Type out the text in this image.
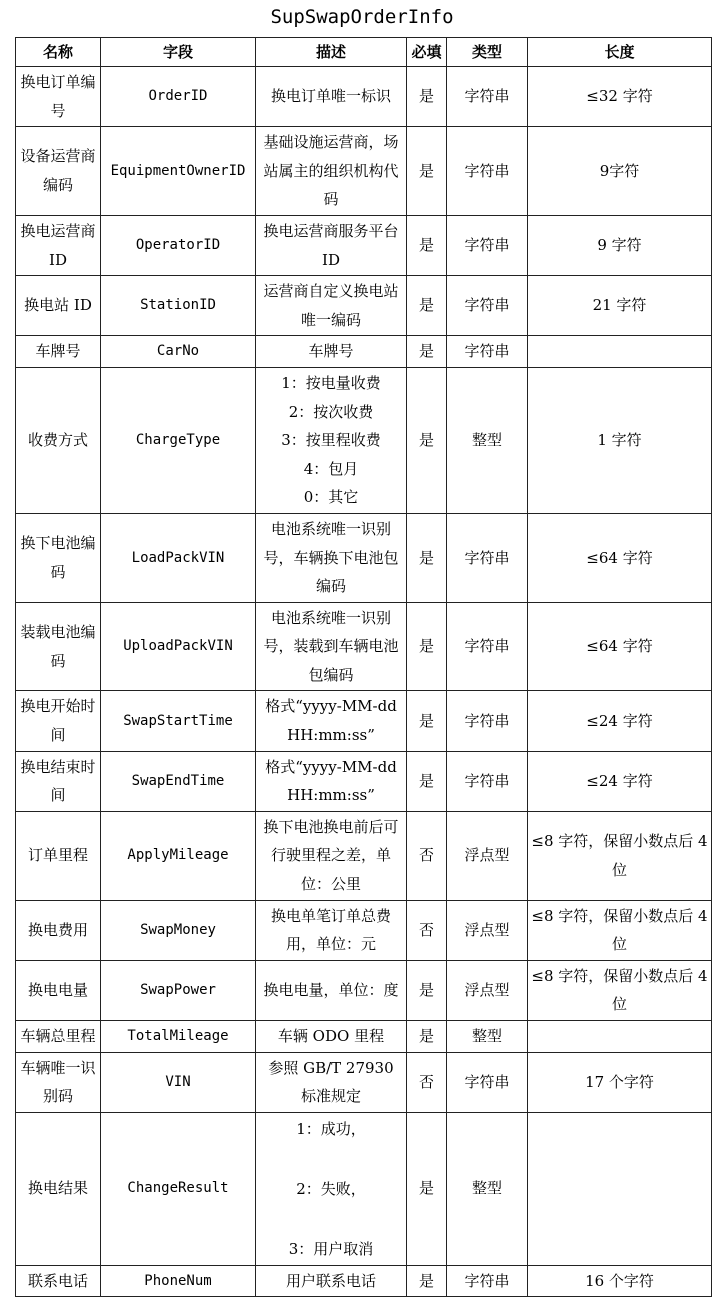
SupSwapOrderInfo
名称	字段	描述	必填	类型	长度
换电订单编号	OrderID	换电订单唯一标识	是	字符串	≤32 字符
设备运营商编码	EquipmentOwnerID	基础设施运营商，场站属主的组织机构代码	是	字符串	9字符
换电运营商 ID	OperatorID	换电运营商服务平台 ID	是	字符串	9 字符
换电站 ID	StationID	运营商自定义换电站唯一编码	是	字符串	21 字符
车牌号	CarNo	车牌号	是	字符串	
收费方式	ChargeType	1：按电量收费
2：按次收费
3：按里程收费
4：包月
0：其它	是	整型	1 字符
换下电池编码	LoadPackVIN	电池系统唯一识别号，车辆换下电池包编码	是	字符串	≤64 字符
装载电池编码	UploadPackVIN	电池系统唯一识别号，装载到车辆电池包编码	是	字符串	≤64 字符
换电开始时间	SwapStartTime	格式“yyyy-MM-ddHH:mm:ss”	是	字符串	≤24 字符
换电结束时间	SwapEndTime	格式“yyyy-MM-ddHH:mm:ss”	是	字符串	≤24 字符
订单里程	ApplyMileage	换下电池换电前后可行驶里程之差，单位：公里	否	浮点型	≤8 字符，保留小数点后 4 位
换电费用	SwapMoney	换电单笔订单总费用，单位：元	否	浮点型	≤8 字符，保留小数点后 4 位
换电电量	SwapPower	换电电量，单位：度	是	浮点型	≤8 字符，保留小数点后 4 位
车辆总里程	TotalMileage	车辆 ODO 里程	是	整型	
车辆唯一识别码	VIN	参照 GB/T 27930 标准规定	否	字符串	17 个字符
换电结果	ChangeResult	1：成功，

2：失败，

3：用户取消	是	整型	
联系电话	PhoneNum	用户联系电话	是	字符串	16 个字符
